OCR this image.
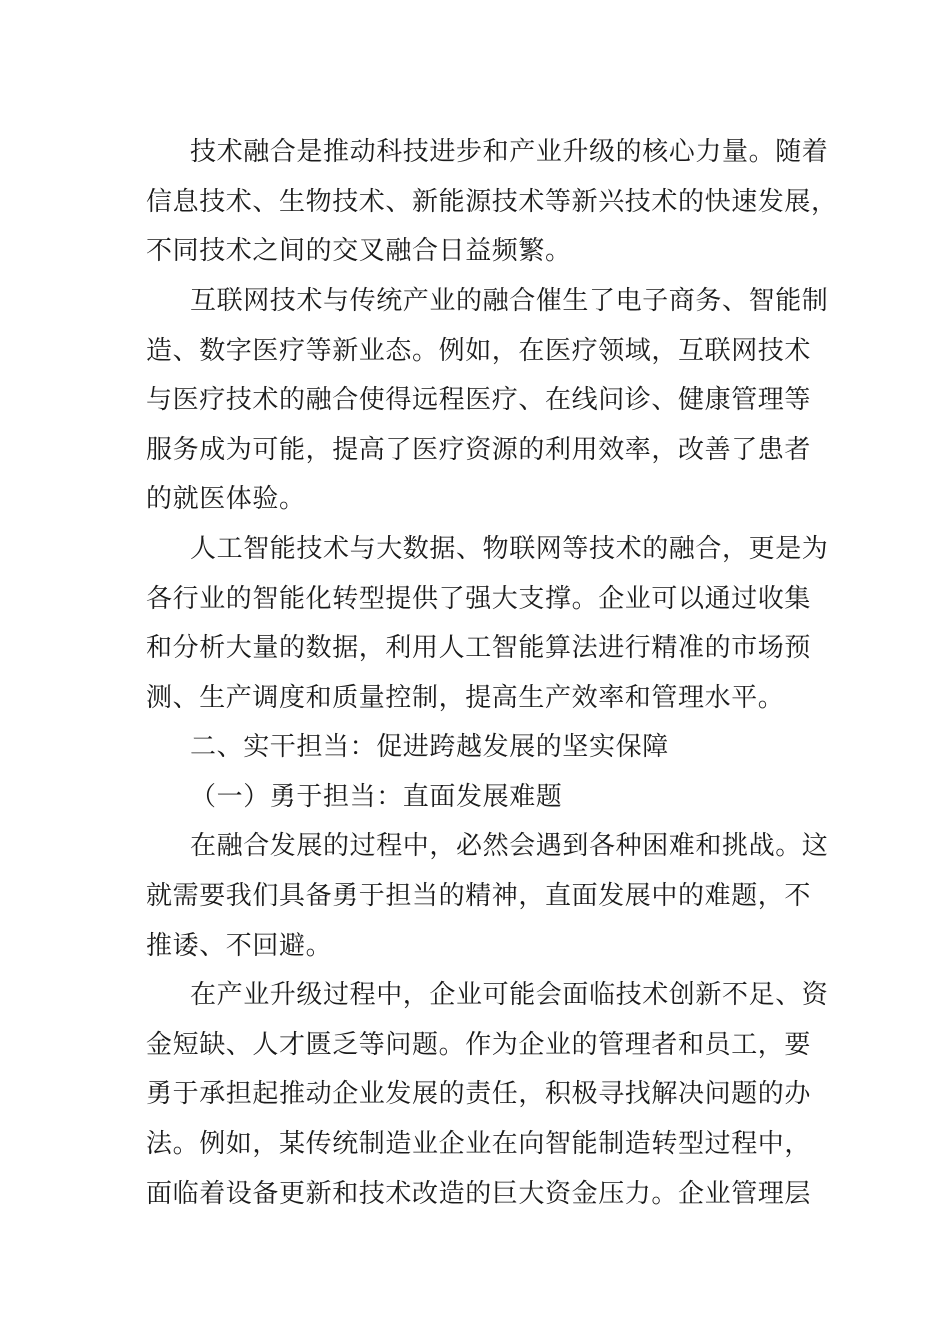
技术融合是推动科技进步和产业升级的核心力量。随着
信息技术、生物技术、新能源技术等新兴技术的快速发展，
不同技术之间的交叉融合日益频繁。
互联网技术与传统产业的融合催生了电子商务、智能制
造、数字医疗等新业态。例如，在医疗领域，互联网技术
与医疗技术的融合使得远程医疗、在线问诊、健康管理等
服务成为可能，提高了医疗资源的利用效率，改善了患者
的就医体验。
人工智能技术与大数据、物联网等技术的融合，更是为
各行业的智能化转型提供了强大支撑。企业可以通过收集
和分析大量的数据，利用人工智能算法进行精准的市场预
测、生产调度和质量控制，提高生产效率和管理水平。
二、实干担当：促进跨越发展的坚实保障
（一）勇于担当：直面发展难题
在融合发展的过程中，必然会遇到各种困难和挑战。这
就需要我们具备勇于担当的精神，直面发展中的难题，不
推诿、不回避。
在产业升级过程中，企业可能会面临技术创新不足、资
金短缺、人才匮乏等问题。作为企业的管理者和员工，要
勇于承担起推动企业发展的责任，积极寻找解决问题的办
法。例如，某传统制造业企业在向智能制造转型过程中，
面临着设备更新和技术改造的巨大资金压力。企业管理层
